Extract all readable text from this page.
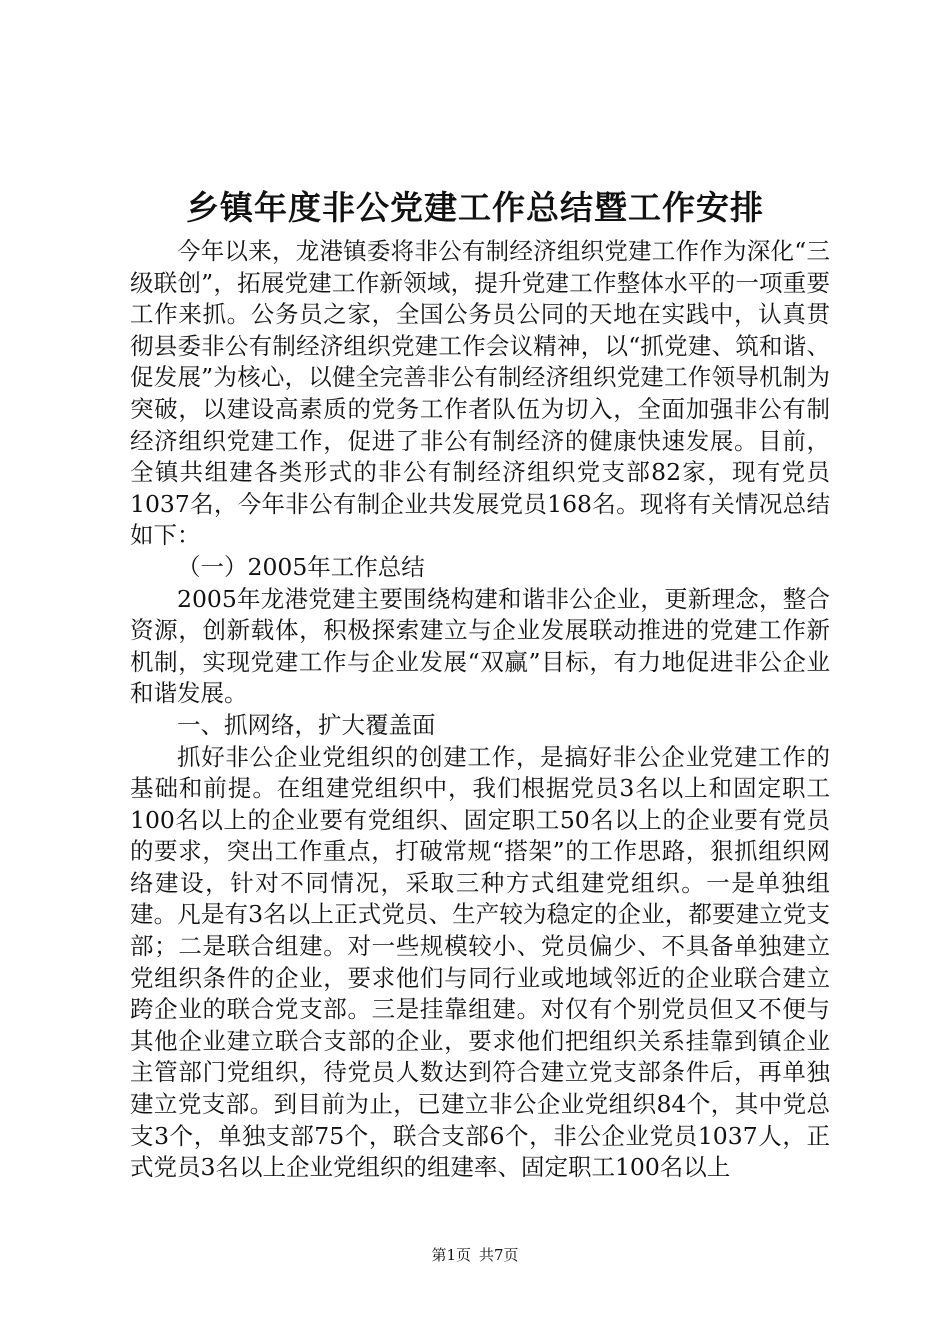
乡镇年度非公党建工作总结暨工作安排

今年以来，龙港镇委将非公有制经济组织党建工作作为深化“三级联创”，拓展党建工作新领域，提升党建工作整体水平的一项重要工作来抓。公务员之家，全国公务员公同的天地在实践中，认真贯彻县委非公有制经济组织党建工作会议精神，以“抓党建、筑和谐、促发展”为核心，以健全完善非公有制经济组织党建工作领导机制为突破，以建设高素质的党务工作者队伍为切入，全面加强非公有制经济组织党建工作，促进了非公有制经济的健康快速发展。目前，全镇共组建各类形式的非公有制经济组织党支部82家，现有党员1037名，今年非公有制企业共发展党员168名。现将有关情况总结如下：

（一）2005年工作总结

2005年龙港党建主要围绕构建和谐非公企业，更新理念，整合资源，创新载体，积极探索建立与企业发展联动推进的党建工作新机制，实现党建工作与企业发展“双赢”目标，有力地促进非公企业和谐发展。

一、抓网络，扩大覆盖面

抓好非公企业党组织的创建工作，是搞好非公企业党建工作的基础和前提。在组建党组织中，我们根据党员3名以上和固定职工100名以上的企业要有党组织、固定职工50名以上的企业要有党员的要求，突出工作重点，打破常规“搭架”的工作思路，狠抓组织网络建设，针对不同情况，采取三种方式组建党组织。一是单独组建。凡是有3名以上正式党员、生产较为稳定的企业，都要建立党支部；二是联合组建。对一些规模较小、党员偏少、不具备单独建立党组织条件的企业，要求他们与同行业或地域邻近的企业联合建立跨企业的联合党支部。三是挂靠组建。对仅有个别党员但又不便与其他企业建立联合支部的企业，要求他们把组织关系挂靠到镇企业主管部门党组织，待党员人数达到符合建立党支部条件后，再单独建立党支部。到目前为止，已建立非公企业党组织84个，其中党总支3个，单独支部75个，联合支部6个，非公企业党员1037人，正式党员3名以上企业党组织的组建率、固定职工100名以上

第1页 共7页
